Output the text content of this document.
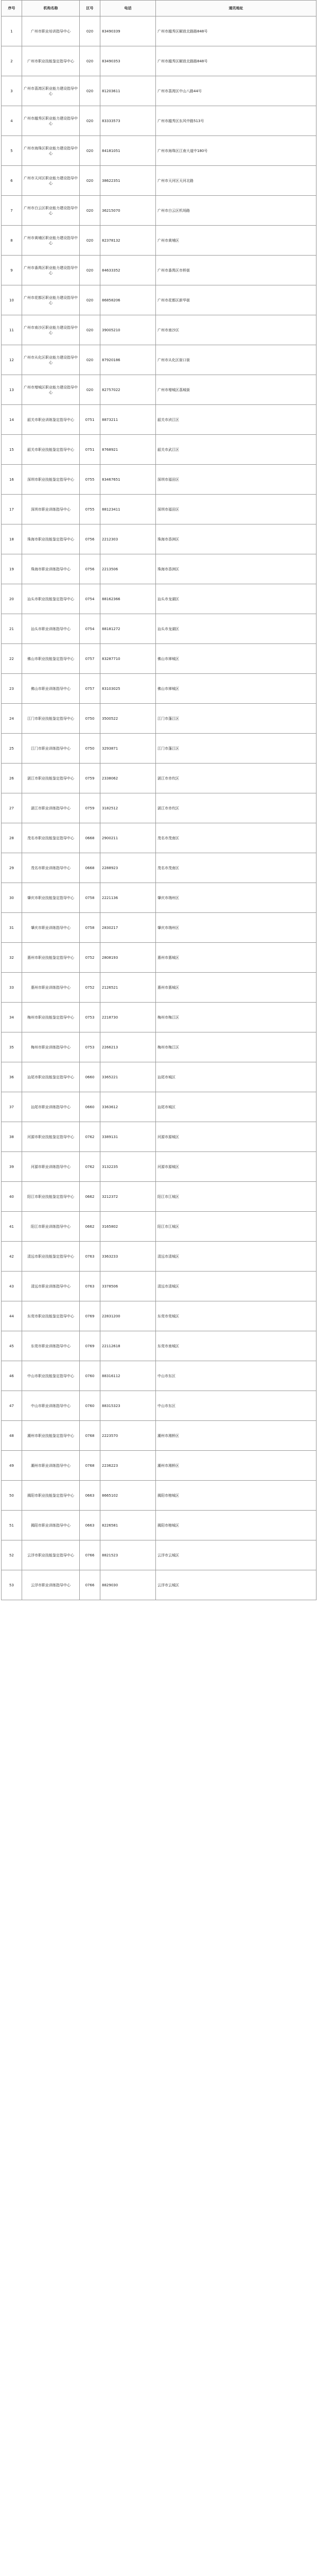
序号	机构名称	区号	电话	通讯地址
1	广州市职业培训指导中心	020	83490339	广州市越秀区解放北路路848号
2	广州市职业技能鉴定指导中心	020	83490353	广州市越秀区解放北路路848号
3	广州市荔湾区职业能力建设指导中心	020	81203611	广州市荔湾区中山八路44号
4	广州市越秀区职业能力建设指导中心	020	83333573	广州市越秀区东风中路513号
5	广州市海珠区职业能力建设指导中心	020	84181051	广州市海珠区江南大道中180号
6	广州市天河区职业能力建设指导中心	020	38622351	广州市天河区天河北路
7	广州市白云区职业能力建设指导中心	020	36215070	广州市白云区机场路
8	广州市黄埔区职业能力建设指导中心	020	82378132	广州市黄埔区
9	广州市番禺区职业能力建设指导中心	020	84633352	广州市番禺区市桥街
10	广州市花都区职业能力建设指导中心	020	86858206	广州市花都区新华街
11	广州市南沙区职业能力建设指导中心	020	39005210	广州市南沙区
12	广州市从化区职业能力建设指导中心	020	87920186	广州市从化区街口街
13	广州市增城区职业能力建设指导中心	020	82757022	广州市增城区荔城街
14	韶关市职业训练鉴定指导中心	0751	8873211	韶关市浈江区
15	韶关市职业技能鉴定指导中心	0751	8768921	韶关市武江区
16	深圳市职业技能鉴定指导中心	0755	83467651	深圳市福田区
17	深圳市职业训练指导中心	0755	88123411	深圳市福田区
18	珠海市职业技能鉴定指导中心	0756	2212303	珠海市香洲区
19	珠海市职业训练指导中心	0756	2213506	珠海市香洲区
20	汕头市职业技能鉴定指导中心	0754	88162366	汕头市龙湖区
21	汕头市职业训练指导中心	0754	88181272	汕头市龙湖区
22	佛山市职业技能鉴定指导中心	0757	83287710	佛山市禅城区
23	佛山市职业训练指导中心	0757	83103025	佛山市禅城区
24	江门市职业技能鉴定指导中心	0750	3500522	江门市蓬江区
25	江门市职业训练指导中心	0750	3293871	江门市蓬江区
26	湛江市职业技能鉴定指导中心	0759	2338062	湛江市赤坎区
27	湛江市职业训练指导中心	0759	3182512	湛江市赤坎区
28	茂名市职业技能鉴定指导中心	0668	2900211	茂名市茂南区
29	茂名市职业训练指导中心	0668	2288923	茂名市茂南区
30	肇庆市职业技能鉴定指导中心	0758	2221136	肇庆市端州区
31	肇庆市职业训练指导中心	0758	2830217	肇庆市端州区
32	惠州市职业技能鉴定指导中心	0752	2808193	惠州市惠城区
33	惠州市职业训练指导中心	0752	2126521	惠州市惠城区
34	梅州市职业技能鉴定指导中心	0753	2218730	梅州市梅江区
35	梅州市职业训练指导中心	0753	2266213	梅州市梅江区
36	汕尾市职业技能鉴定指导中心	0660	3365221	汕尾市城区
37	汕尾市职业训练指导中心	0660	3363612	汕尾市城区
38	河源市职业技能鉴定指导中心	0762	3389131	河源市源城区
39	河源市职业训练指导中心	0762	3132235	河源市源城区
40	阳江市职业技能鉴定指导中心	0662	3212372	阳江市江城区
41	阳江市职业训练指导中心	0662	3165802	阳江市江城区
42	清远市职业技能鉴定指导中心	0763	3363233	清远市清城区
43	清远市职业训练指导中心	0763	3378506	清远市清城区
44	东莞市职业技能鉴定指导中心	0769	22831200	东莞市莞城区
45	东莞市职业训练指导中心	0769	22112618	东莞市南城区
46	中山市职业技能鉴定指导中心	0760	88316112	中山市东区
47	中山市职业训练指导中心	0760	88315323	中山市东区
48	潮州市职业技能鉴定指导中心	0768	2223570	潮州市湘桥区
49	潮州市职业训练指导中心	0768	2236223	潮州市湘桥区
50	揭阳市职业技能鉴定指导中心	0663	8665102	揭阳市榕城区
51	揭阳市职业训练指导中心	0663	8226581	揭阳市榕城区
52	云浮市职业技能鉴定指导中心	0766	8821523	云浮市云城区
53	云浮市职业训练指导中心	0766	8829030	云浮市云城区
